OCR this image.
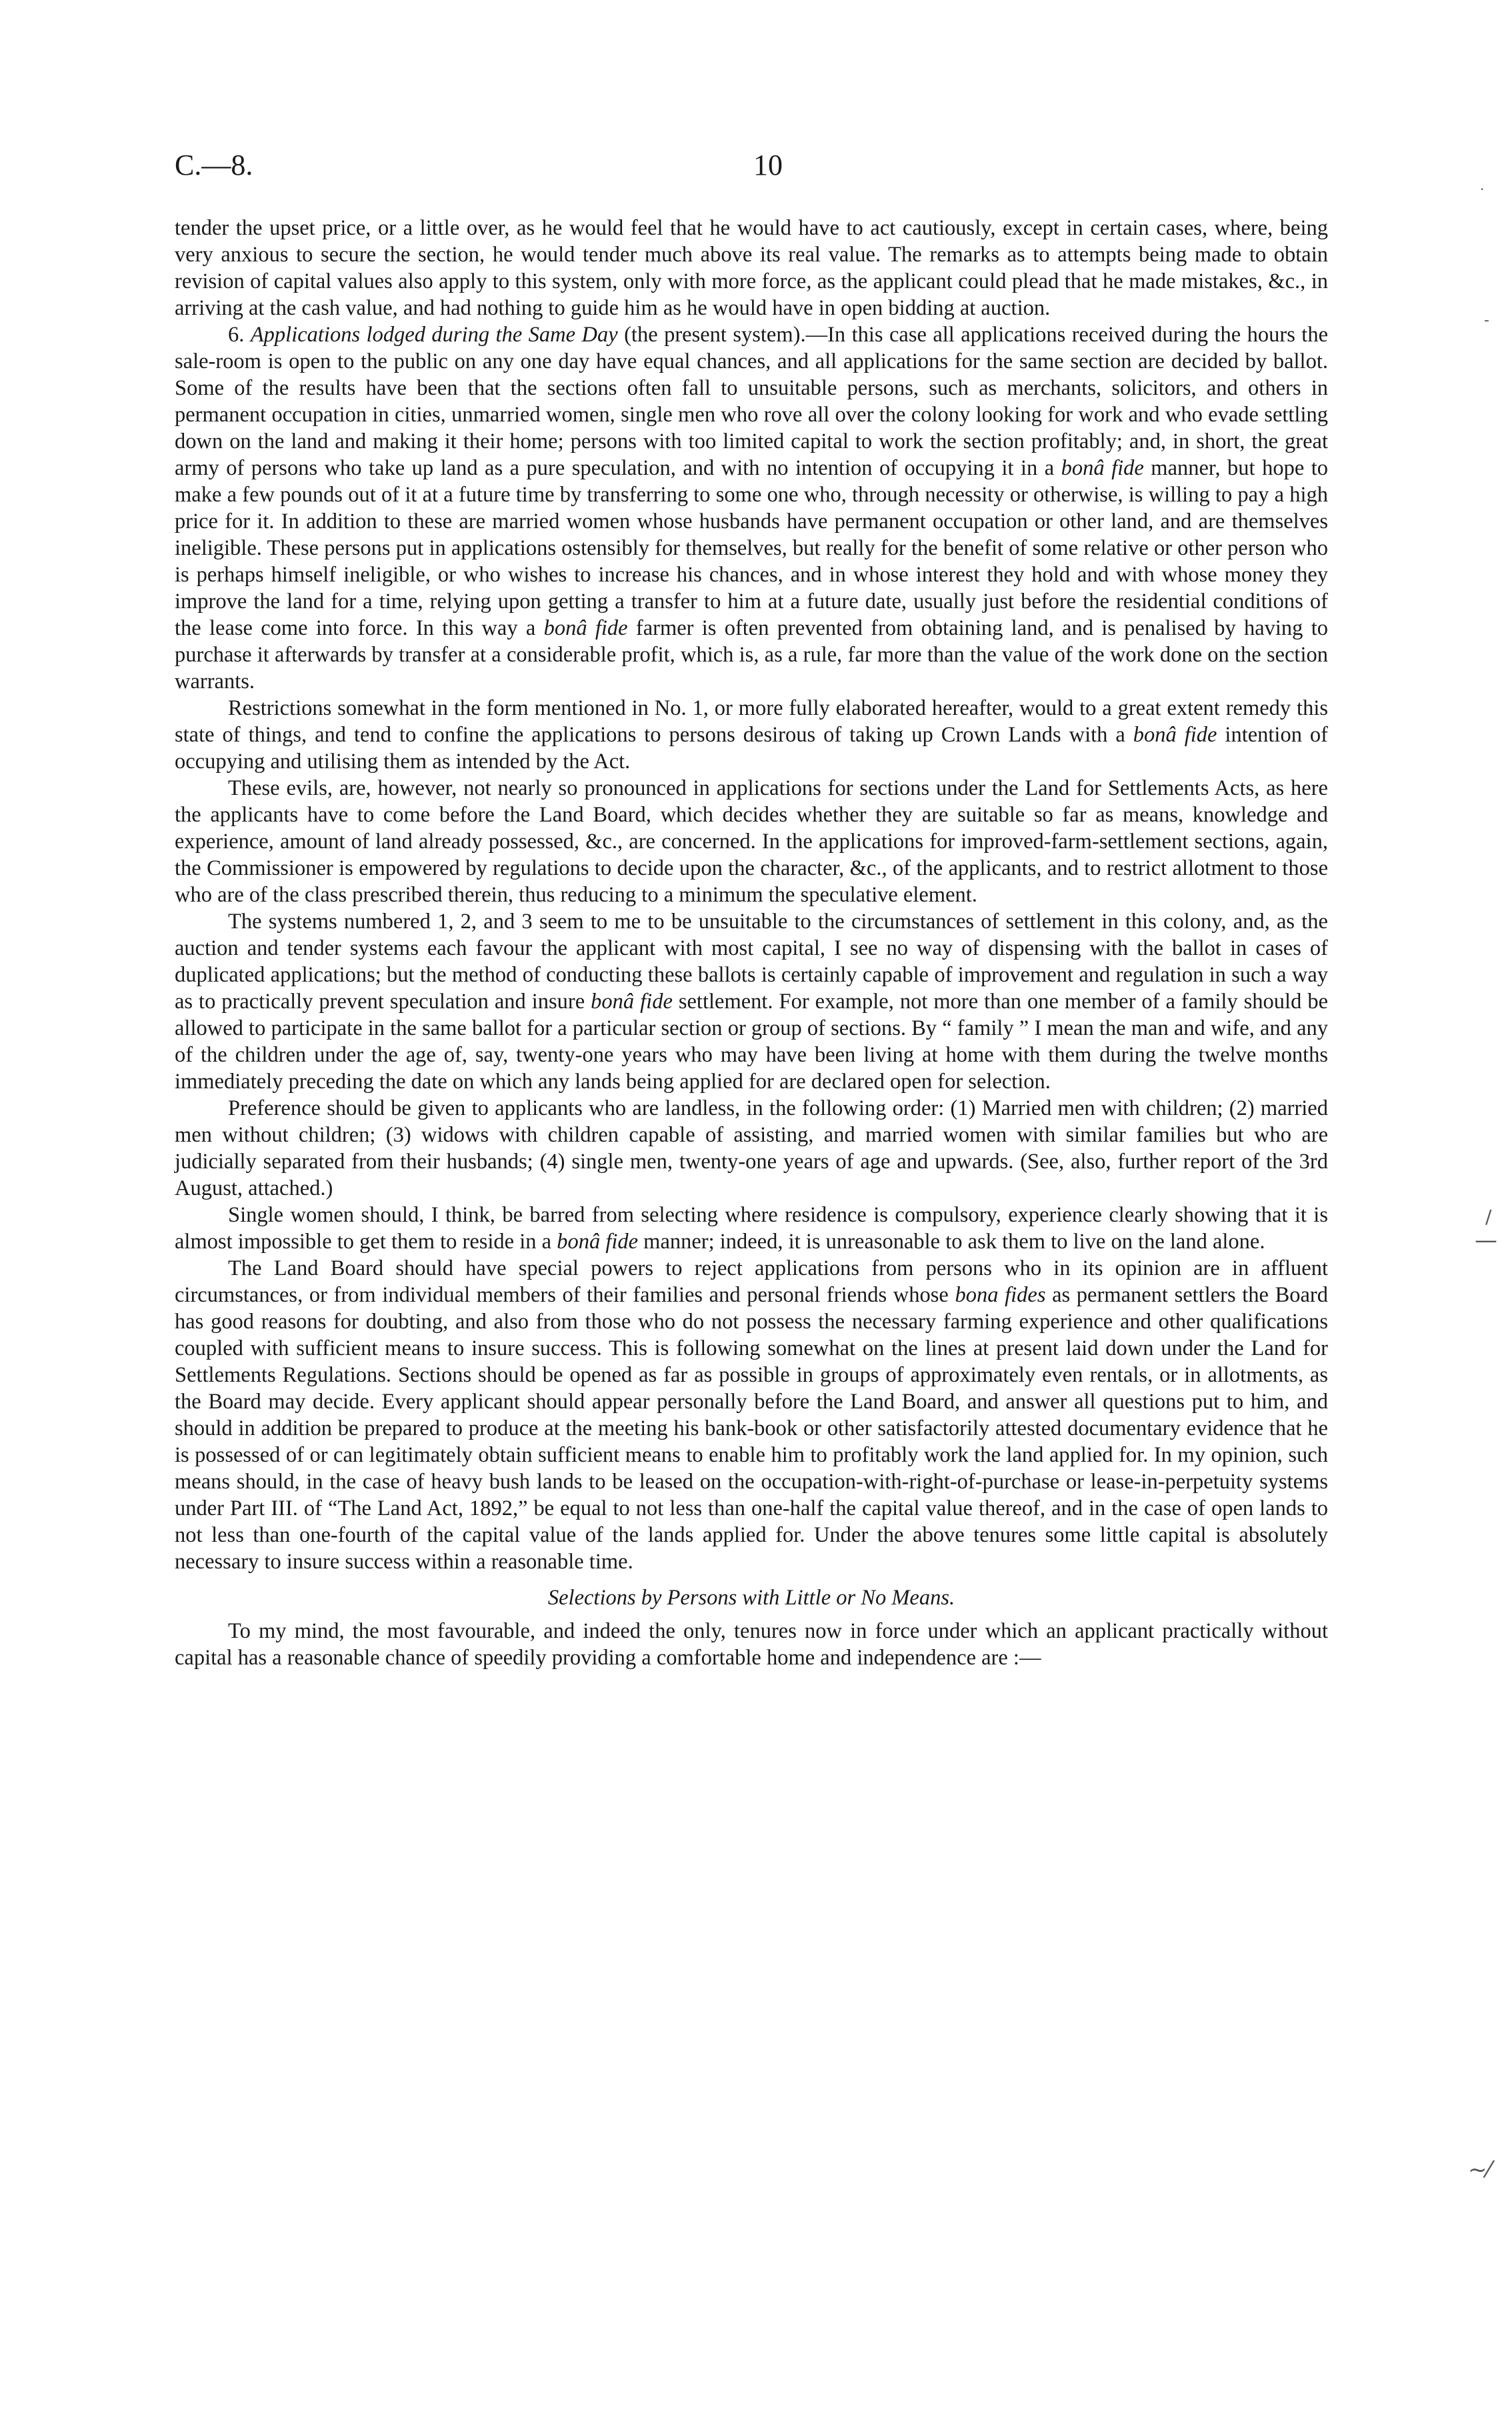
C.—8.	10

tender the upset price, or a little over, as he would feel that he would have to act cautiously, except in certain cases, where, being very anxious to secure the section, he would tender much above its real value. The remarks as to attempts being made to obtain revision of capital values also apply to this system, only with more force, as the applicant could plead that he made mistakes, &c., in arriving at the cash value, and had nothing to guide him as he would have in open bidding at auction.

6. Applications lodged during the Same Day (the present system).—In this case all applications received during the hours the sale-room is open to the public on any one day have equal chances, and all applications for the same section are decided by ballot. Some of the results have been that the sections often fall to unsuitable persons, such as merchants, solicitors, and others in permanent occupation in cities, unmarried women, single men who rove all over the colony looking for work and who evade settling down on the land and making it their home; persons with too limited capital to work the section profitably; and, in short, the great army of persons who take up land as a pure speculation, and with no intention of occupying it in a bonâ fide manner, but hope to make a few pounds out of it at a future time by transferring to some one who, through necessity or otherwise, is willing to pay a high price for it. In addition to these are married women whose husbands have permanent occupation or other land, and are themselves ineligible. These persons put in applications ostensibly for themselves, but really for the benefit of some relative or other person who is perhaps himself ineligible, or who wishes to increase his chances, and in whose interest they hold and with whose money they improve the land for a time, relying upon getting a transfer to him at a future date, usually just before the residential conditions of the lease come into force. In this way a bonâ fide farmer is often prevented from obtaining land, and is penalised by having to purchase it afterwards by transfer at a considerable profit, which is, as a rule, far more than the value of the work done on the section warrants.

Restrictions somewhat in the form mentioned in No. 1, or more fully elaborated hereafter, would to a great extent remedy this state of things, and tend to confine the applications to persons desirous of taking up Crown Lands with a bonâ fide intention of occupying and utilising them as intended by the Act.

These evils, are, however, not nearly so pronounced in applications for sections under the Land for Settlements Acts, as here the applicants have to come before the Land Board, which decides whether they are suitable so far as means, knowledge and experience, amount of land already possessed, &c., are concerned. In the applications for improved-farm-settlement sections, again, the Commissioner is empowered by regulations to decide upon the character, &c., of the applicants, and to restrict allotment to those who are of the class prescribed therein, thus reducing to a minimum the speculative element.

The systems numbered 1, 2, and 3 seem to me to be unsuitable to the circumstances of settlement in this colony, and, as the auction and tender systems each favour the applicant with most capital, I see no way of dispensing with the ballot in cases of duplicated applications; but the method of conducting these ballots is certainly capable of improvement and regulation in such a way as to practically prevent speculation and insure bonâ fide settlement. For example, not more than one member of a family should be allowed to participate in the same ballot for a particular section or group of sections. By “ family ” I mean the man and wife, and any of the children under the age of, say, twenty-one years who may have been living at home with them during the twelve months immediately preceding the date on which any lands being applied for are declared open for selection.

Preference should be given to applicants who are landless, in the following order: (1) Married men with children; (2) married men without children; (3) widows with children capable of assisting, and married women with similar families but who are judicially separated from their husbands; (4) single men, twenty-one years of age and upwards. (See, also, further report of the 3rd August, attached.)

Single women should, I think, be barred from selecting where residence is compulsory, experience clearly showing that it is almost impossible to get them to reside in a bonâ fide manner; indeed, it is unreasonable to ask them to live on the land alone.

The Land Board should have special powers to reject applications from persons who in its opinion are in affluent circumstances, or from individual members of their families and personal friends whose bona fides as permanent settlers the Board has good reasons for doubting, and also from those who do not possess the necessary farming experience and other qualifications coupled with sufficient means to insure success. This is following somewhat on the lines at present laid down under the Land for Settlements Regulations. Sections should be opened as far as possible in groups of approximately even rentals, or in allotments, as the Board may decide. Every applicant should appear personally before the Land Board, and answer all questions put to him, and should in addition be prepared to produce at the meeting his bank-book or other satisfactorily attested documentary evidence that he is possessed of or can legitimately obtain sufficient means to enable him to profitably work the land applied for. In my opinion, such means should, in the case of heavy bush lands to be leased on the occupation-with-right-of-purchase or lease-in-perpetuity systems under Part III. of “The Land Act, 1892,” be equal to not less than one-half the capital value thereof, and in the case of open lands to not less than one-fourth of the capital value of the lands applied for. Under the above tenures some little capital is absolutely necessary to insure success within a reasonable time.

Selections by Persons with Little or No Means.

To my mind, the most favourable, and indeed the only, tenures now in force under which an applicant practically without capital has a reasonable chance of speedily providing a comfortable home and independence are :—

·
‐
/
—
~⁄
